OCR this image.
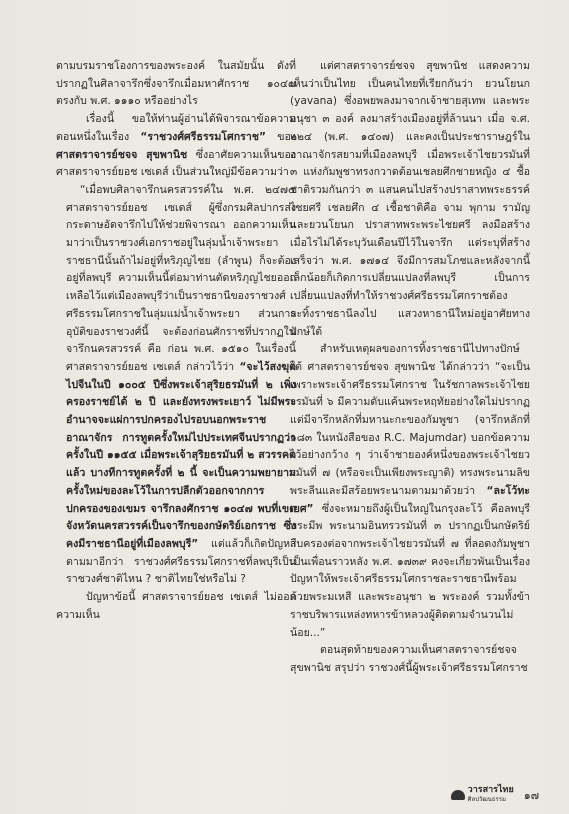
ตามบรมราชโองการของพระองค์ ในสมัยนั้น ดังที่ปรากฏในศิลาจารึกซึ่งจารึกเมื่อมหาศักราช ๑๐๔๗ ตรงกับ พ.ศ. ๑๑๑๐ หรืออย่างไร

เรื่องนี้ ขอให้ท่านผู้อ่านได้พิจารณาข้อความตอนหนึ่งในเรื่อง “ราชวงศ์ศรีธรรมโศกราช” ของ ศาสตราจารย์ชจจ สุขพานิช ซึ่งอาศัยความเห็นของศาสตราจารย์ยอช เซเดส์ เป็นส่วนใหญ่มีข้อความว่า

“เมื่อพบศิลาจารึกนครสวรรค์ใน พ.ศ. ๒๔๗๔ ศาสตราจารย์ยอช เซเดส์ ผู้ซึ่งกรมศิลปากรส่งกระดาษอัดจารึกไปให้ช่วยพิจารณา ออกความเห็นมาว่าเป็นราชวงศ์เอกราชอยู่ในลุ่มน้ำเจ้าพระยา ราชธานีนั้นถ้าไม่อยู่ที่หริภุญไชย (ลำพูน) ก็จะต้องอยู่ที่ลพบุรี ความเห็นนี้ต่อมาท่านตัดหริภุญไชยออกเหลือไว้แต่เมืองลพบุรีว่าเป็นราชธานีของราชวงศ์ศรีธรรมโศกราชในลุ่มแม่น้ำเจ้าพระยา ส่วนการอุบัติของราชวงศ์นี้ จะต้องก่อนศักราชที่ปรากฏในจารึกนครสวรรค์ คือ ก่อน พ.ศ. ๑๕๑๐ ในเรื่องนี้ศาสตราจารย์ยอช เซเดส์ กล่าวไว้ว่า “จะไว้สงฆุตไปจีนในปี ๑๐๐๕ ปีซึ่งพระเจ้าสุริยธรมันที่ ๒ เพิ่งครองราชย์ได้ ๒ ปี และยังทรงพระเยาว์ ไม่มีพระอำนาจจะแผ่การปกครองไปรอบนอกพระราชอาณาจักร การทูตครั้งใหม่ไปประเทศจีนปรากฏว่าครั้งในปี ๑๑๕๕ เมื่อพระเจ้าสุริยธรมันที่ ๒ สวรรคตแล้ว บางทีการทูตครั้งที่ ๒ นี้ จะเป็นความพยายามครั้งใหม่ของละโว้ในการปลีกตัวออกจากการปกครองของเขมร จารึกลงศักราช ๑๐๔๗ พบที่เขตจังหวัดนครสวรรค์เป็นจารึกของกษัตริย์เอกราช ซึ่งคงมีราชธานีอยู่ที่เมืองลพบุรี” แต่แล้วก็เกิดปัญหาตามมาอีกว่า ราชวงศ์ศรีธรรมโศกราชที่ลพบุรีเป็นราชวงศ์ชาติไหน ? ชาติไทยใช่หรือไม่ ?

ปัญหาข้อนี้ ศาสตราจารย์ยอช เซเดส์ ไม่ออกความเห็น

แต่ศาสตราจารย์ชจจ สุขพานิช แสดงความเห็นว่าเป็นไทย เป็นคนไทยที่เรียกกันว่า ยวนโยนก (yavana) ซึ่งอพยพลงมาจากเจ้าชายสุเทพ และพระอนุชา ๓ องค์ ลงมาสร้างเมืองอยู่ที่ล้านนา เมื่อ จ.ศ. ๒๒๔ (พ.ศ. ๑๔๐๗) และคงเป็นประชาราษฎร์ในอาณาจักรสยามที่เมืองลพบุรี เมื่อพระเจ้าไชยวรมันที่ ๓ แห่งกัมพูชาทรงกวาดต้อนเชลยศึกชายหญิง ๔ ชื้อชาติรวมกันกว่า ๓ แสนคนไปสร้างปราสาทพระธรรค์ไชยศรี เชลยศึก ๔ เชื้อชาติคือ จาม พุกาม รามัญ และยวนโยนก ปราสาทพระพระไชยศรี ลงมือสร้างเมื่อไรไม่ได้ระบุวันเดือนปีไว้ในจารึก แต่ระบุที่สร้างเสร็จว่า พ.ศ. ๑๗๑๔ จึงมีการสมโภชและหลังจากนี้เล็กน้อยก็เกิดการเปลี่ยนแปลงที่ลพบุรี เป็นการเปลี่ยนแปลงที่ทำให้ราชวงศ์ศรีธรรมโศกราชต้องละทิ้งราชธานีลงไป แสวงหาธานีใหม่อยู่อาศัยทางปักษ์ใต้

สำหรับเหตุผลของการทิ้งราชธานีไปทางปักษ์ใต้ ศาสตราจารย์ชจจ สุขพานิช ได้กล่าวว่า “จะเป็นเพราะพระเจ้าศรีธรรมโศกราช ในรัชกาลพระเจ้าไชยวรมันที่ ๖ มีความดับแค้นพระหฤทัยอย่างใดไม่ปรากฏแต่มีจารึกหลักที่มหานะกะของกัมพูชา (จารึกหลักที่ ๑๘๓ ในหนังสือของ R.C. Majumdar) บอกข้อความไว้อย่างกว้าง ๆ ว่าเจ้าชายองค์หนึ่งของพระเจ้าไชยวรมันที่ ๗ (หรือจะเป็นเพียงพระญาติ) ทรงพระนามลิขพระลีนและมีสร้อยพระนามตามมาด้วยว่า “ละโว้ทะเยศ” ซึ่งจะหมายถึงผู้เป็นใหญ่ในกรุงละโว้ คือลพบุรีพระมีพ พระนามอินทรวรมันที่ ๓ ปรากฏเป็นกษัตริย์สืบครองต่อจากพระเจ้าไชยวรมันที่ ๗ ที่ลอดงกัมพูชา เป็นเพื่อนราวหลัง พ.ศ. ๑๗๓๙ คงจะเกี่ยวพันเป็นเรื่องปัญหาให้พระเจ้าศรีธรรมโศกราชละราชธานีพร้อมด้วยพระมเหสี และพระอนุชา ๒ พระองค์ รวมทั้งข้าราชบริพารแหล่งทหารข้าหลวงผู้ติดตามจำนวนไม่น้อย...”

ตอนสุดท้ายของความเห็นศาสตราจารย์ชจจสุขพานิช สรุปว่า ราชวงศ์นี้ผู้พระเจ้าศรีธรรมโศกราช

วารสารไทย
ศิลปวัฒนธรรม	๑๗
